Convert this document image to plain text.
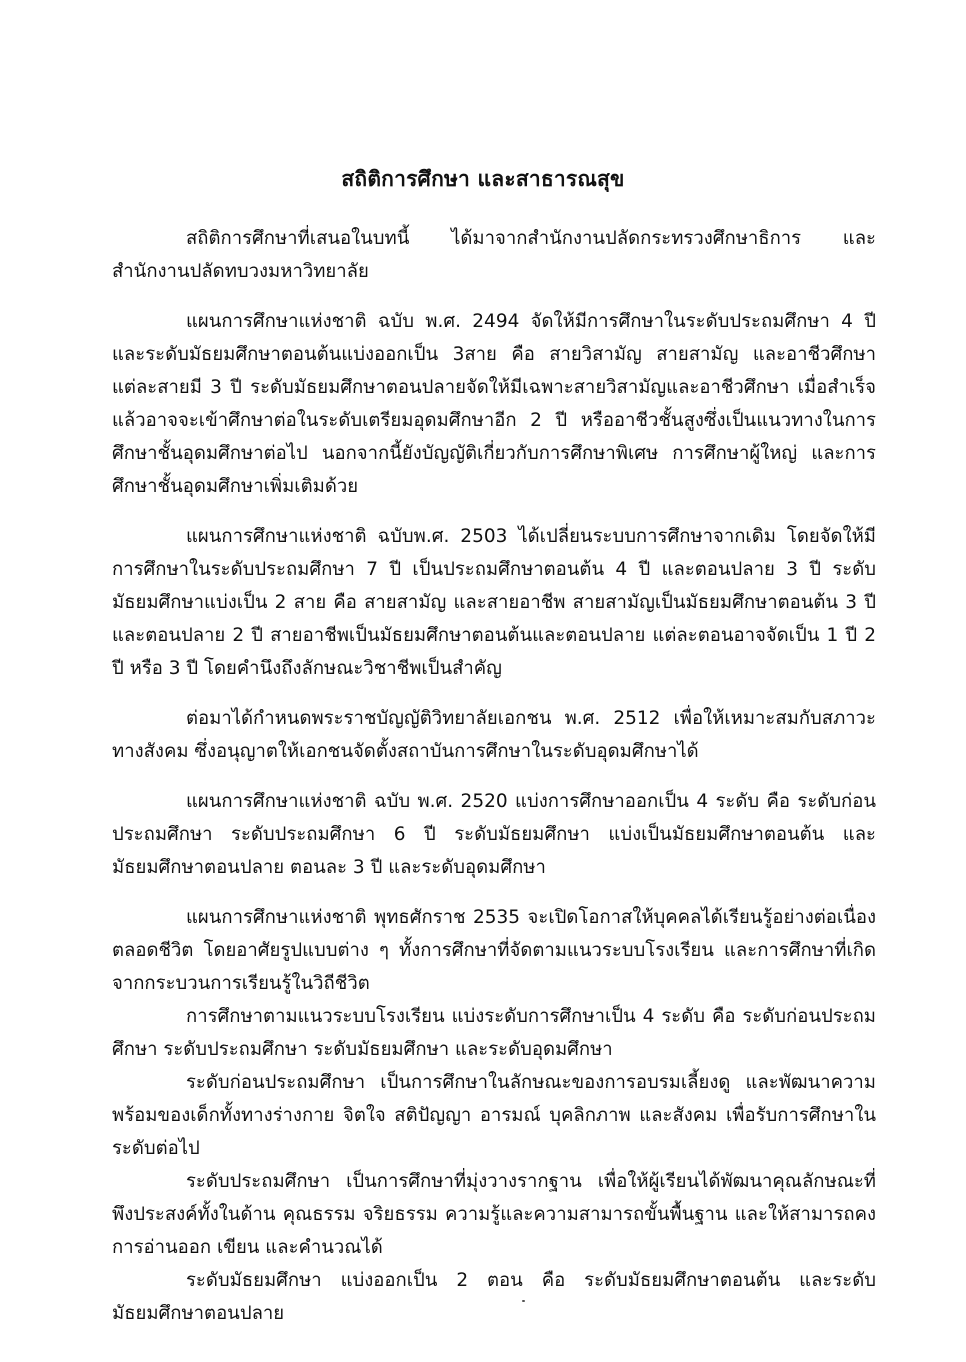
สถิติการศึกษา และสาธารณสุข

สถิติการศึกษาที่เสนอในบทนี้ ได้มาจากสำนักงานปลัดกระทรวงศึกษาธิการ และสำนักงานปลัดทบวงมหาวิทยาลัย

แผนการศึกษาแห่งชาติ ฉบับ พ.ศ. 2494 จัดให้มีการศึกษาในระดับประถมศึกษา 4 ปี และระดับมัธยมศึกษาตอนต้นแบ่งออกเป็น 3สาย คือ สายวิสามัญ สายสามัญ และอาชีวศึกษา แต่ละสายมี 3 ปี ระดับมัธยมศึกษาตอนปลายจัดให้มีเฉพาะสายวิสามัญและอาชีวศึกษา เมื่อสำเร็จแล้วอาจจะเข้าศึกษาต่อในระดับเตรียมอุดมศึกษาอีก 2 ปี หรืออาชีวชั้นสูงซึ่งเป็นแนวทางในการศึกษาชั้นอุดมศึกษาต่อไป นอกจากนี้ยังบัญญัติเกี่ยวกับการศึกษาพิเศษ การศึกษาผู้ใหญ่ และการศึกษาชั้นอุดมศึกษาเพิ่มเติมด้วย

แผนการศึกษาแห่งชาติ ฉบับพ.ศ. 2503 ได้เปลี่ยนระบบการศึกษาจากเดิม โดยจัดให้มีการศึกษาในระดับประถมศึกษา 7 ปี เป็นประถมศึกษาตอนต้น 4 ปี และตอนปลาย 3 ปี ระดับมัธยมศึกษาแบ่งเป็น 2 สาย คือ สายสามัญ และสายอาชีพ สายสามัญเป็นมัธยมศึกษาตอนต้น 3 ปี และตอนปลาย 2 ปี สายอาชีพเป็นมัธยมศึกษาตอนต้นและตอนปลาย แต่ละตอนอาจจัดเป็น 1 ปี 2 ปี หรือ 3 ปี โดยคำนึงถึงลักษณะวิชาชีพเป็นสำคัญ

ต่อมาได้กำหนดพระราชบัญญัติวิทยาลัยเอกชน พ.ศ. 2512 เพื่อให้เหมาะสมกับสภาวะทางสังคม ซึ่งอนุญาตให้เอกชนจัดตั้งสถาบันการศึกษาในระดับอุดมศึกษาได้

แผนการศึกษาแห่งชาติ ฉบับ พ.ศ. 2520 แบ่งการศึกษาออกเป็น 4 ระดับ คือ ระดับก่อนประถมศึกษา ระดับประถมศึกษา 6 ปี ระดับมัธยมศึกษา แบ่งเป็นมัธยมศึกษาตอนต้น และมัธยมศึกษาตอนปลาย ตอนละ 3 ปี และระดับอุดมศึกษา

แผนการศึกษาแห่งชาติ พุทธศักราช 2535 จะเปิดโอกาสให้บุคคลได้เรียนรู้อย่างต่อเนื่องตลอดชีวิต โดยอาศัยรูปแบบต่าง ๆ ทั้งการศึกษาที่จัดตามแนวระบบโรงเรียน และการศึกษาที่เกิดจากกระบวนการเรียนรู้ในวิถีชีวิต

การศึกษาตามแนวระบบโรงเรียน แบ่งระดับการศึกษาเป็น 4 ระดับ คือ ระดับก่อนประถมศึกษา ระดับประถมศึกษา ระดับมัธยมศึกษา และระดับอุดมศึกษา

ระดับก่อนประถมศึกษา เป็นการศึกษาในลักษณะของการอบรมเลี้ยงดู และพัฒนาความพร้อมของเด็กทั้งทางร่างกาย จิตใจ สติปัญญา อารมณ์ บุคลิกภาพ และสังคม เพื่อรับการศึกษาในระดับต่อไป

ระดับประถมศึกษา เป็นการศึกษาที่มุ่งวางรากฐาน เพื่อให้ผู้เรียนได้พัฒนาคุณลักษณะที่พึงประสงค์ทั้งในด้าน คุณธรรม จริยธรรม ความรู้และความสามารถขั้นพื้นฐาน และให้สามารถคงการอ่านออก เขียน และคำนวณได้

ระดับมัธยมศึกษา แบ่งออกเป็น 2 ตอน คือ ระดับมัธยมศึกษาตอนต้น และระดับมัธยมศึกษาตอนปลาย
